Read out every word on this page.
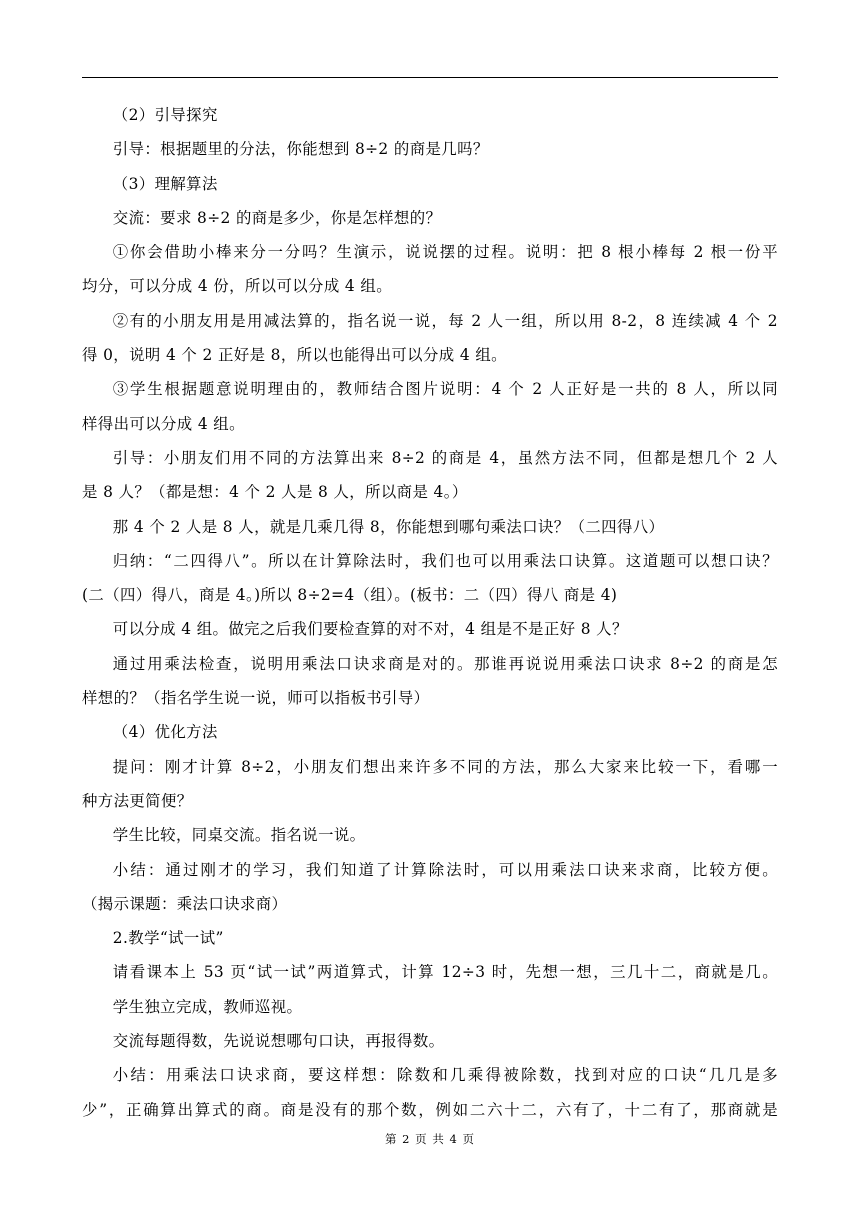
（2）引导探究

引导：根据题里的分法，你能想到 8÷2 的商是几吗？

（3）理解算法

交流：要求 8÷2 的商是多少，你是怎样想的？

①你会借助小棒来分一分吗？生演示，说说摆的过程。说明：把 8 根小棒每 2 根一份平

均分，可以分成 4 份，所以可以分成 4 组。

②有的小朋友用是用减法算的，指名说一说，每 2 人一组，所以用 8-2，8 连续减 4 个 2

得 0，说明 4 个 2 正好是 8，所以也能得出可以分成 4 组。

③学生根据题意说明理由的，教师结合图片说明：4 个 2 人正好是一共的 8 人，所以同

样得出可以分成 4 组。

引导：小朋友们用不同的方法算出来 8÷2 的商是 4，虽然方法不同，但都是想几个 2 人

是 8 人？（都是想：4 个 2 人是 8 人，所以商是 4。）

那 4 个 2 人是 8 人，就是几乘几得 8，你能想到哪句乘法口诀？（二四得八）

归纳：“二四得八”。所以在计算除法时，我们也可以用乘法口诀算。这道题可以想口诀？

(二（四）得八，商是 4。)所以 8÷2=4（组）。(板书：二（四）得八 商是 4)

可以分成 4 组。做完之后我们要检查算的对不对，4 组是不是正好 8 人？

通过用乘法检查，说明用乘法口诀求商是对的。那谁再说说用乘法口诀求 8÷2 的商是怎

样想的？（指名学生说一说，师可以指板书引导）

（4）优化方法

提问：刚才计算 8÷2，小朋友们想出来许多不同的方法，那么大家来比较一下，看哪一

种方法更简便？

学生比较，同桌交流。指名说一说。

小结：通过刚才的学习，我们知道了计算除法时，可以用乘法口诀来求商，比较方便。

（揭示课题：乘法口诀求商）

2.教学“试一试”

请看课本上 53 页“试一试”两道算式，计算 12÷3 时，先想一想，三几十二，商就是几。

学生独立完成，教师巡视。

交流每题得数，先说说想哪句口诀，再报得数。

小结：用乘法口诀求商，要这样想：除数和几乘得被除数，找到对应的口诀“几几是多

少”，正确算出算式的商。商是没有的那个数，例如二六十二，六有了，十二有了，那商就是

第 2 页 共 4 页
